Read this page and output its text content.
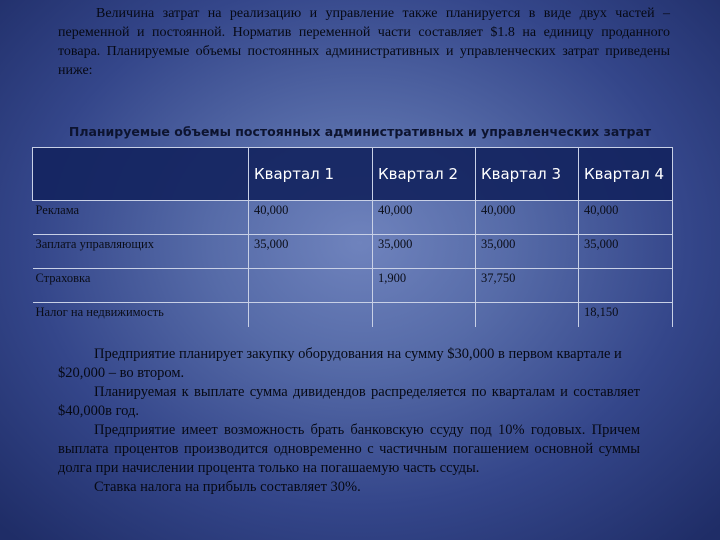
Величина затрат на реализацию и управление также планируется в виде двух частей – переменной и постоянной. Норматив переменной части составляет $1.8 на единицу проданного товара. Планируемые объемы постоянных административных и управленческих затрат приведены ниже:
Планируемые объемы постоянных административных и управленческих затрат
	Квартал 1	Квартал 2	Квартал 3	Квартал 4
Реклама	40,000	40,000	40,000	40,000
Заплата управляющих	35,000	35,000	35,000	35,000
Страховка		1,900	37,750	
Налог на недвижимость				18,150

Предприятие планирует закупку оборудования на сумму $30,000 в первом квартале и $20,000 – во втором.

Планируемая к выплате сумма дивидендов распределяется по кварталам и составляет $40,000в год.

Предприятие имеет возможность брать банковскую ссуду под 10% годовых. Причем выплата процентов производится одновременно с частичным погашением основной суммы долга при начислении процента только на погашаемую часть ссуды.

Ставка налога на прибыль составляет 30%.
